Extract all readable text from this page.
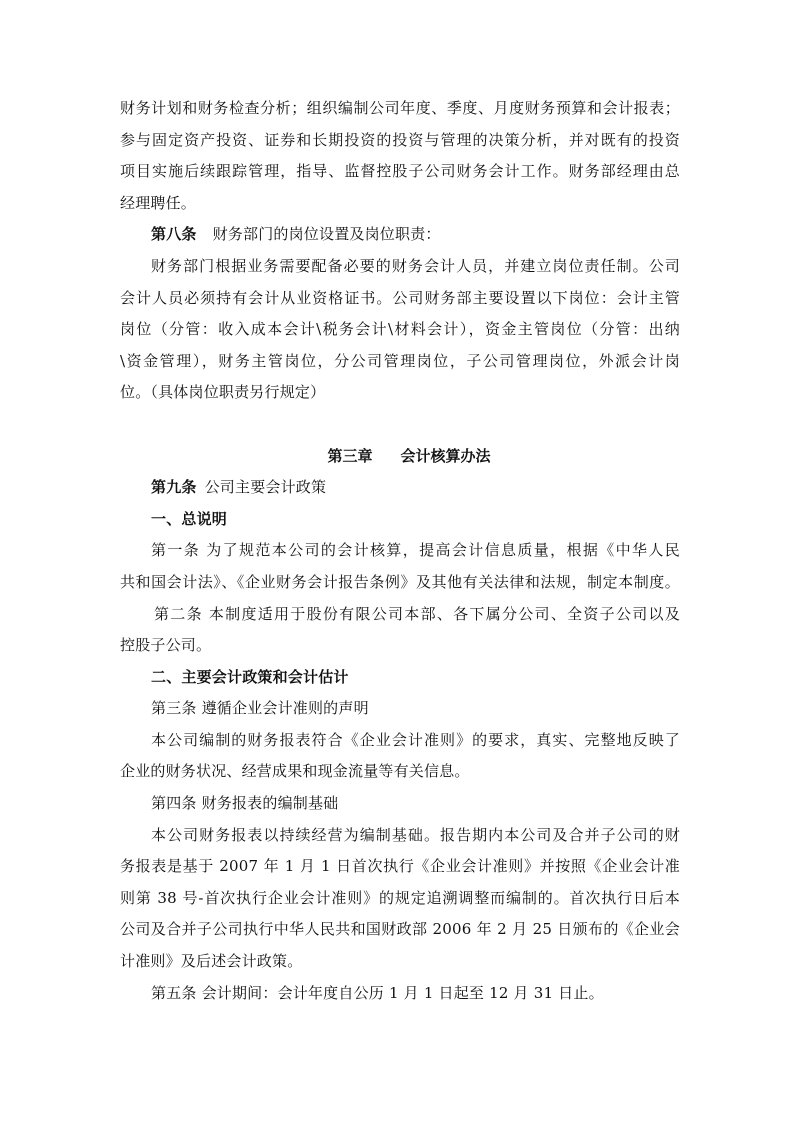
财务计划和财务检查分析；组织编制公司年度、季度、月度财务预算和会计报表；
参与固定资产投资、证券和长期投资的投资与管理的决策分析，并对既有的投资
项目实施后续跟踪管理，指导、监督控股子公司财务会计工作。财务部经理由总
经理聘任。
第八条 财务部门的岗位设置及岗位职责：
财务部门根据业务需要配备必要的财务会计人员，并建立岗位责任制。公司
会计人员必须持有会计从业资格证书。公司财务部主要设置以下岗位：会计主管
岗位（分管：收入成本会计\税务会计\材料会计），资金主管岗位（分管：出纳
\资金管理），财务主管岗位，分公司管理岗位，子公司管理岗位，外派会计岗
位。（具体岗位职责另行规定）
第三章 会计核算办法
第九条 公司主要会计政策
一、总说明
第一条 为了规范本公司的会计核算，提高会计信息质量，根据《中华人民
共和国会计法》、《企业财务会计报告条例》及其他有关法律和法规，制定本制度。
第二条 本制度适用于股份有限公司本部、各下属分公司、全资子公司以及
控股子公司。
二、主要会计政策和会计估计
第三条 遵循企业会计准则的声明
本公司编制的财务报表符合《企业会计准则》的要求，真实、完整地反映了
企业的财务状况、经营成果和现金流量等有关信息。
第四条 财务报表的编制基础
本公司财务报表以持续经营为编制基础。报告期内本公司及合并子公司的财
务报表是基于 2007 年 1 月 1 日首次执行《企业会计准则》并按照《企业会计准
则第 38 号-首次执行企业会计准则》的规定追溯调整而编制的。首次执行日后本
公司及合并子公司执行中华人民共和国财政部 2006 年 2 月 25 日颁布的《企业会
计准则》及后述会计政策。
第五条 会计期间：会计年度自公历 1 月 1 日起至 12 月 31 日止。
